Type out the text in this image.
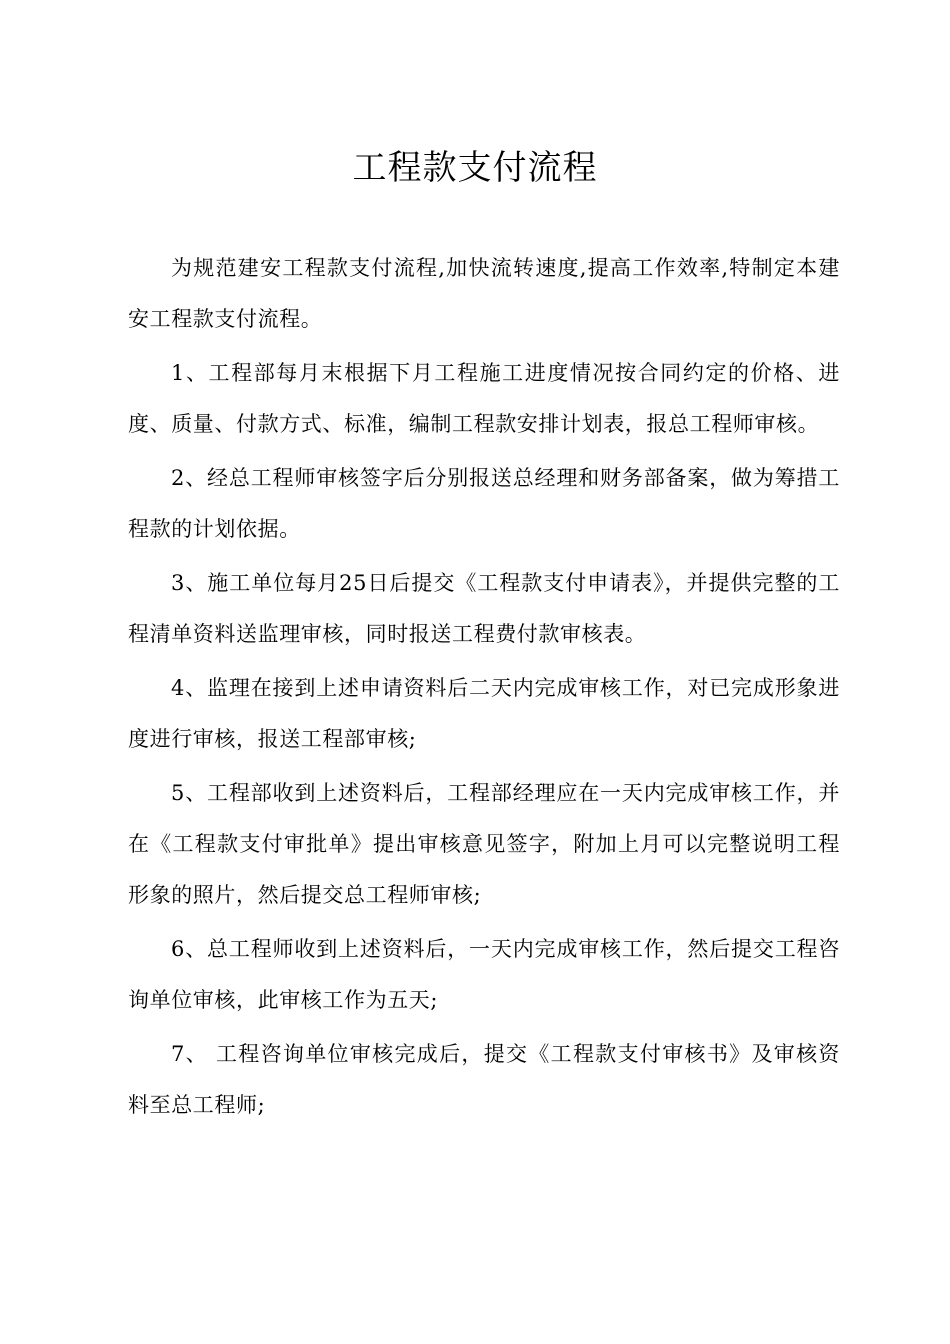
工程款支付流程

为规范建安工程款支付流程,加快流转速度,提高工作效率,特制定本建安工程款支付流程。

1、工程部每月末根据下月工程施工进度情况按合同约定的价格、进度、质量、付款方式、标准，编制工程款安排计划表，报总工程师审核。

2、经总工程师审核签字后分别报送总经理和财务部备案，做为筹措工程款的计划依据。

3、施工单位每月25日后提交《工程款支付申请表》，并提供完整的工程清单资料送监理审核，同时报送工程费付款审核表。

4、监理在接到上述申请资料后二天内完成审核工作，对已完成形象进度进行审核，报送工程部审核;

5、工程部收到上述资料后，工程部经理应在一天内完成审核工作，并在《工程款支付审批单》提出审核意见签字，附加上月可以完整说明工程形象的照片，然后提交总工程师审核;

6、总工程师收到上述资料后，一天内完成审核工作，然后提交工程咨询单位审核，此审核工作为五天;

7、 工程咨询单位审核完成后，提交《工程款支付审核书》及审核资料至总工程师;
